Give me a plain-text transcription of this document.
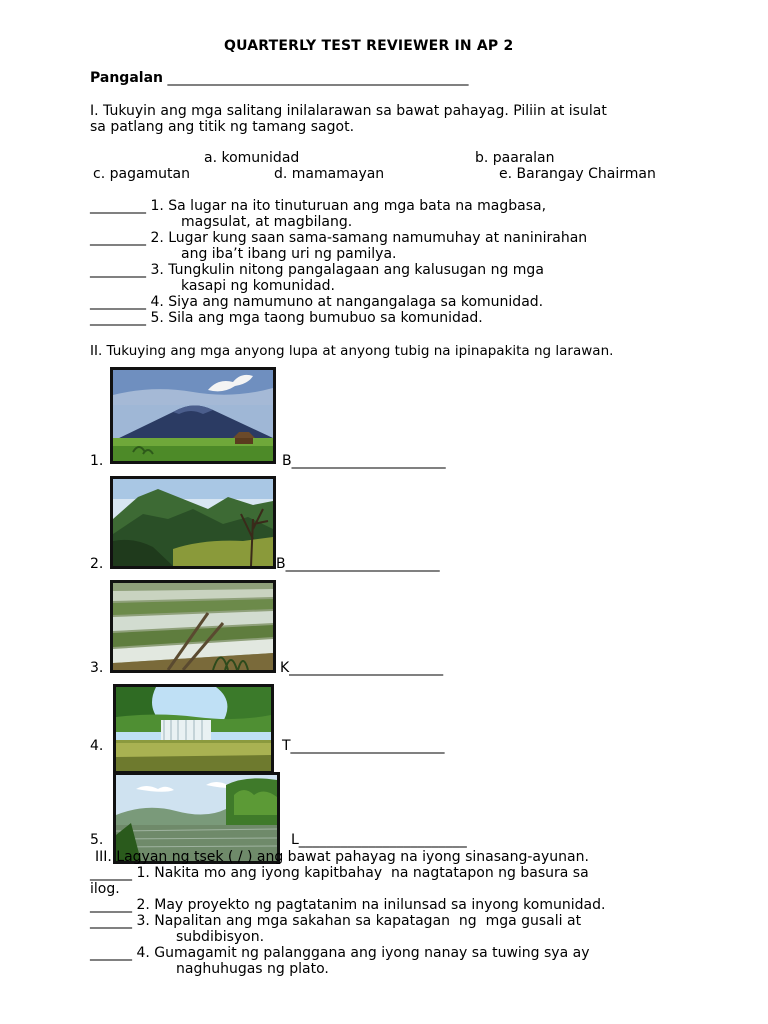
QUARTERLY TEST REVIEWER IN AP 2
Pangalan ___________________________________________
I. Tukuyin ang mga salitang inilalarawan sa bawat pahayag. Piliin at isulat
sa patlang ang titik ng tamang sagot.
a. komunidad	b. paaralan
c. pagamutan	d. mamamayan	e. Barangay Chairman
________ 1. Sa lugar na ito tinuturuan ang mga bata na magbasa,
magsulat, at magbilang.
________ 2. Lugar kung saan sama-samang namumuhay at naninirahan
ang iba’t ibang uri ng pamilya.
________ 3. Tungkulin nitong pangalagaan ang kalusugan ng mga
kasapi ng komunidad.
________ 4. Siya ang namumuno at nangangalaga sa komunidad.
________ 5. Sila ang mga taong bumubuo sa komunidad.
II. Tukuying ang mga anyong lupa at anyong tubig na ipinapakita ng larawan.
1.	B______________________
2.	B______________________
3.	K______________________
4.	T______________________
5.	L________________________
III. Lagyan ng tsek ( / ) ang bawat pahayag na iyong sinasang-ayunan.
______ 1. Nakita mo ang iyong kapitbahay  na nagtatapon ng basura sa
ilog.
______ 2. May proyekto ng pagtatanim na inilunsad sa inyong komunidad.
______ 3. Napalitan ang mga sakahan sa kapatagan  ng  mga gusali at
subdibisyon.
______ 4. Gumagamit ng palanggana ang iyong nanay sa tuwing sya ay
naghuhugas ng plato.
